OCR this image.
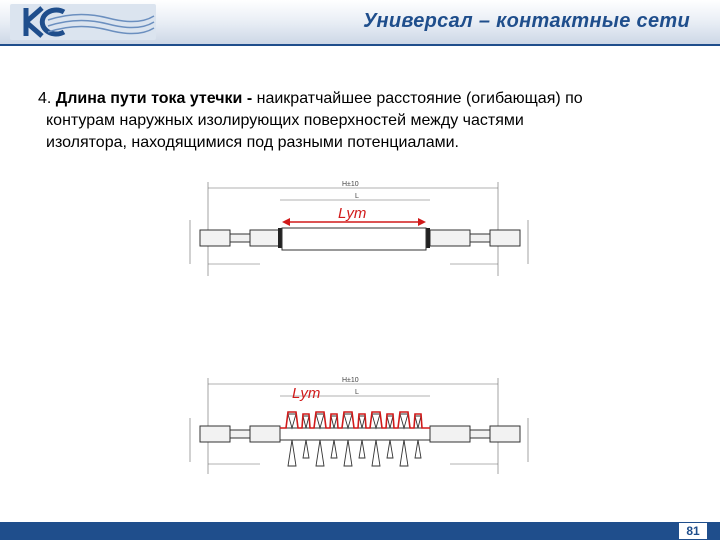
Универсал – контактные сети

4. Длина пути тока утечки - наикратчайшее расстояние (огибающая) по
контурам наружных изолирующих поверхностей между частями
изолятора, находящимися под разными потенциалами.

H±10
L
Lут
H±10
L
Lут
81
